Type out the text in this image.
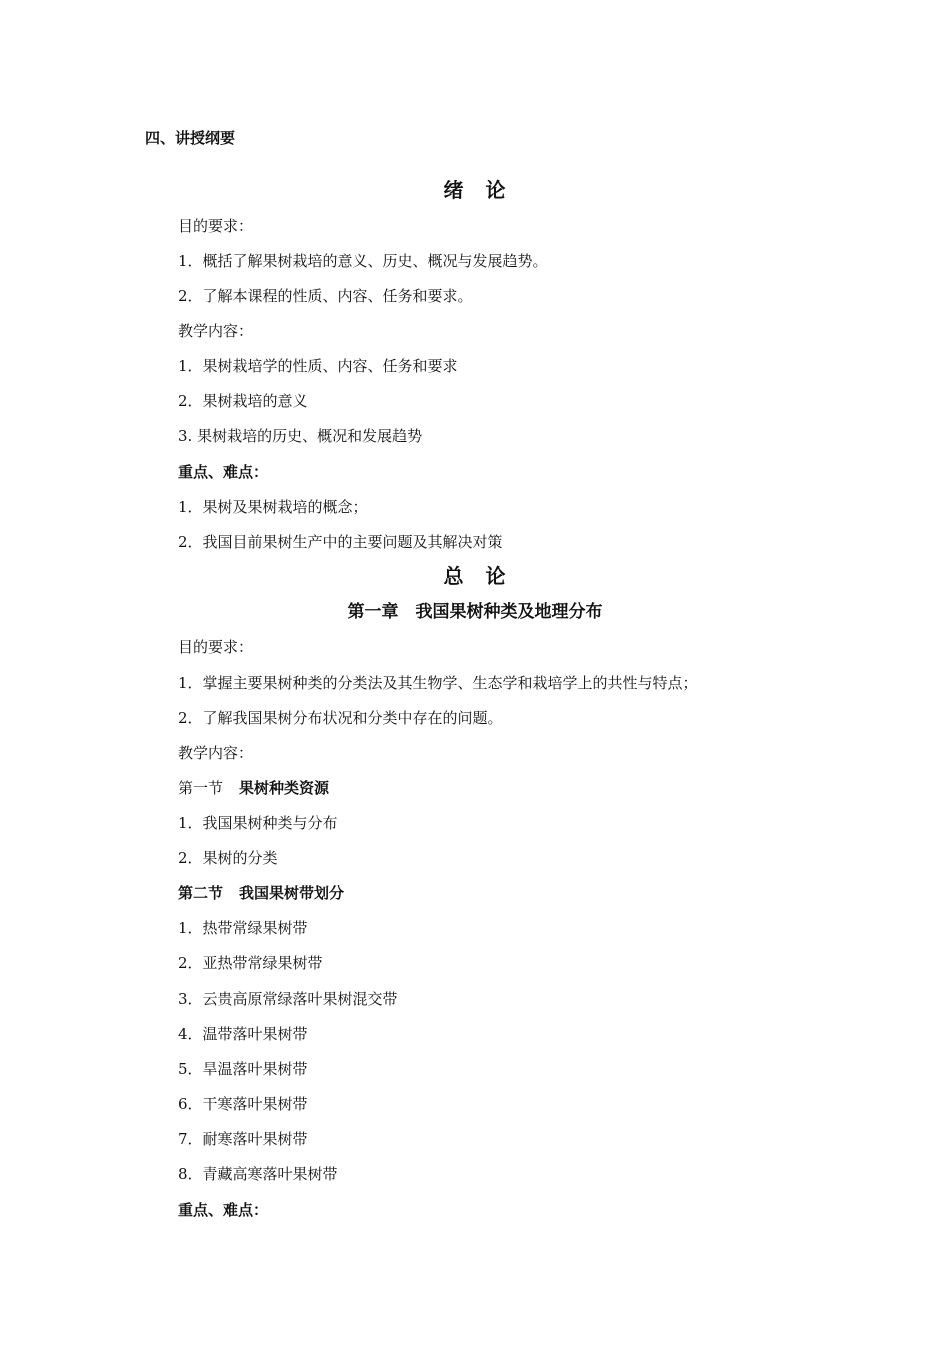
四、讲授纲要
绪　论
目的要求：
1．概括了解果树栽培的意义、历史、概况与发展趋势。
2．了解本课程的性质、内容、任务和要求。
教学内容：
1．果树栽培学的性质、内容、任务和要求
2．果树栽培的意义
3. 果树栽培的历史、概况和发展趋势
重点、难点：
1．果树及果树栽培的概念；
2．我国目前果树生产中的主要问题及其解决对策
总　论
第一章　我国果树种类及地理分布
目的要求：
1．掌握主要果树种类的分类法及其生物学、生态学和栽培学上的共性与特点；
2．了解我国果树分布状况和分类中存在的问题。
教学内容：
第一节 果树种类资源
1．我国果树种类与分布
2．果树的分类
第二节 我国果树带划分
1．热带常绿果树带
2．亚热带常绿果树带
3．云贵高原常绿落叶果树混交带
4．温带落叶果树带
5．旱温落叶果树带
6．干寒落叶果树带
7．耐寒落叶果树带
8．青藏高寒落叶果树带
重点、难点：
